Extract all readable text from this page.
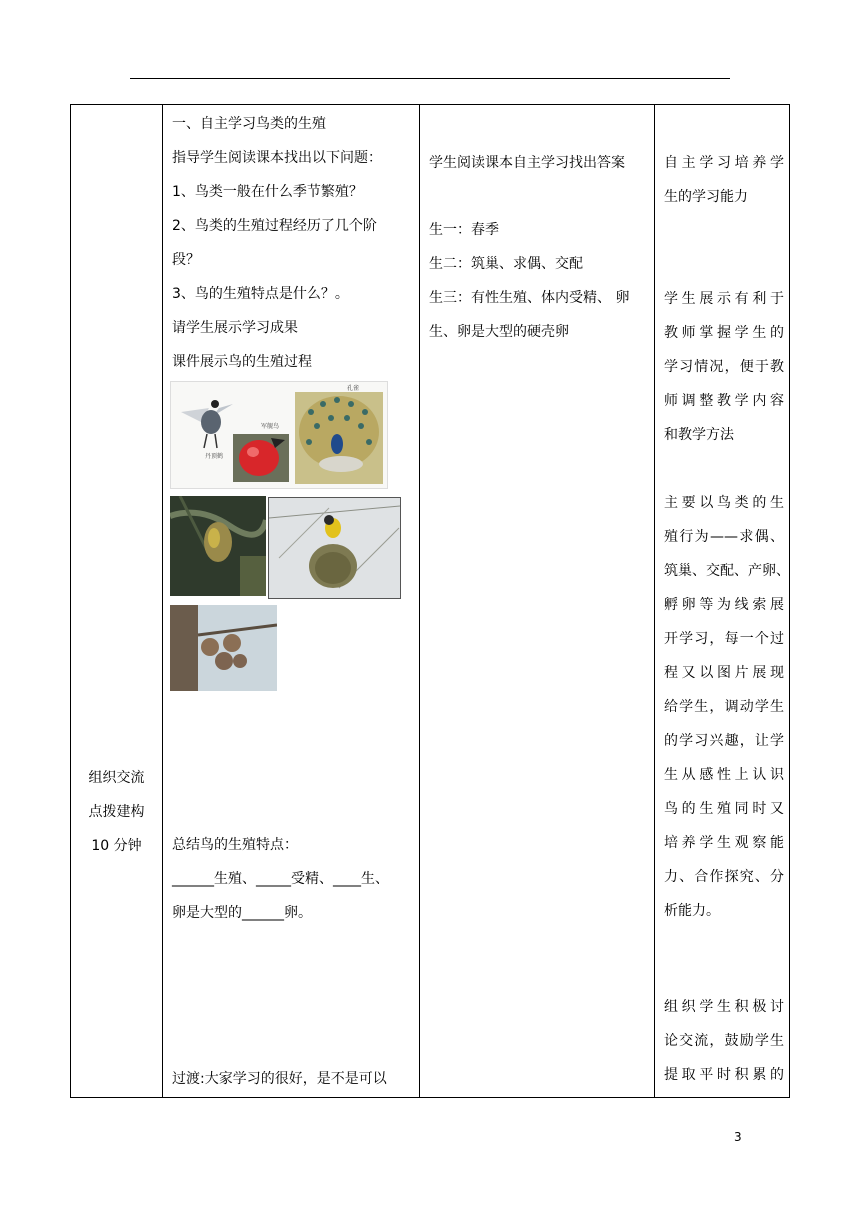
组织交流
点拨建构
10 分钟
一、自主学习鸟类的生殖
指导学生阅读课本找出以下问题：
1、鸟类一般在什么季节繁殖？
2、鸟类的生殖过程经历了几个阶
段？
3、鸟的生殖特点是什么？。
请学生展示学习成果
课件展示鸟的生殖过程
丹顶鹤
军舰鸟
孔雀
总结鸟的生殖特点：
______生殖、_____受精、____生、
卵是大型的______卵。
过渡:大家学习的很好，是不是可以
学生阅读课本自主学习找出答案
生一：春季
生二：筑巢、求偶、交配
生三：有性生殖、体内受精、 卵
生、卵是大型的硬壳卵
自主学习培养学
生的学习能力
学生展示有利于
教师掌握学生的
学习情况，便于教
师调整教学内容
和教学方法
主要以鸟类的生
殖行为——求偶、
筑巢、交配、产卵、
孵卵等为线索展
开学习，每一个过
程又以图片展现
给学生，调动学生
的学习兴趣，让学
生从感性上认识
鸟的生殖同时又
培养学生观察能
力、合作探究、分
析能力。
组织学生积极讨
论交流，鼓励学生
提取平时积累的
3
